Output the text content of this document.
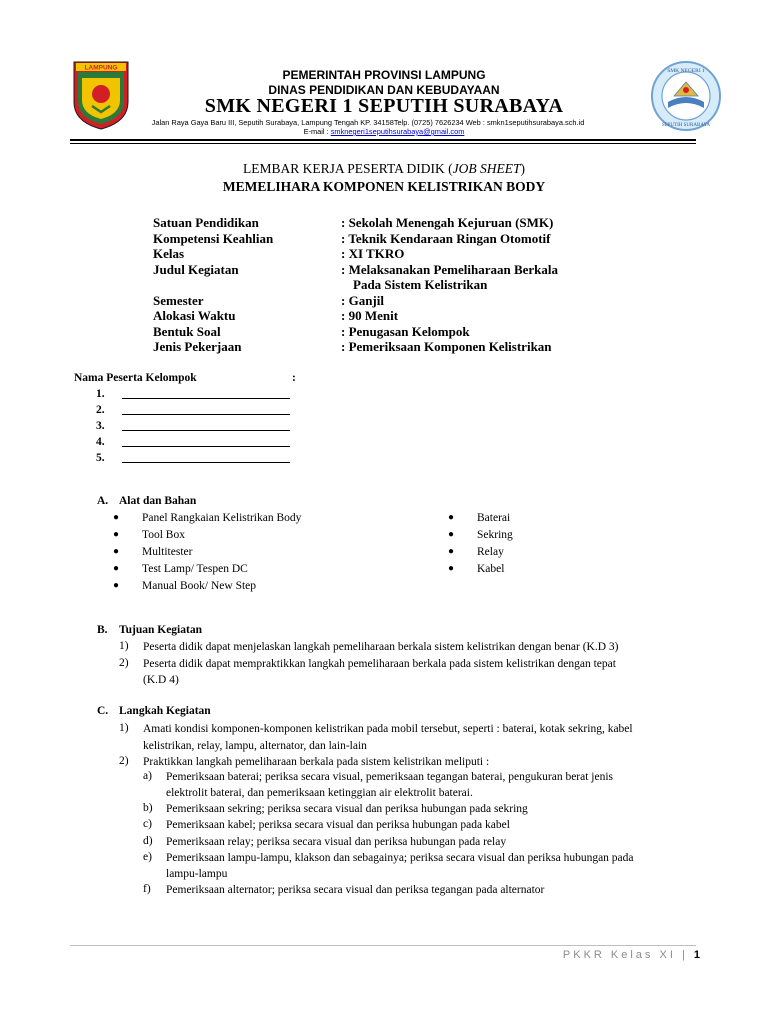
LAMPUNG	SMK NEGERI 1
SEPUTIH SURABAYA
PEMERINTAH PROVINSI LAMPUNG
DINAS PENDIDIKAN DAN KEBUDAYAAN
SMK NEGERI 1 SEPUTIH SURABAYA
Jalan Raya Gaya Baru III, Seputih Surabaya, Lampung Tengah KP. 34158Telp. (0725) 7626234 Web : smkn1seputihsurabaya.sch.id
E-mail : smknegeri1seputihsurabaya@gmail.com
LEMBAR KERJA PESERTA DIDIK (JOB SHEET)
MEMELIHARA KOMPONEN KELISTRIKAN BODY
Satuan Pendidikan	: Sekolah Menengah Kejuruan (SMK)
Kompetensi Keahlian	: Teknik Kendaraan Ringan Otomotif
Kelas	: XI TKRO
Judul Kegiatan	: Melaksanakan Pemeliharaan Berkala
Pada Sistem Kelistrikan
Semester	: Ganjil
Alokasi Waktu	: 90 Menit
Bentuk Soal	: Penugasan Kelompok
Jenis Pekerjaan	: Pemeriksaan Komponen Kelistrikan
Nama Peserta Kelompok	:
1.
2.
3.
4.
5.
A. Alat dan Bahan
● Panel Rangkaian Kelistrikan Body
● Tool Box
● Multitester
● Test Lamp/ Tespen DC
● Manual Book/ New Step
● Baterai
● Sekring
● Relay
● Kabel
B. Tujuan Kegiatan
1) Peserta didik dapat menjelaskan langkah pemeliharaan berkala sistem kelistrikan dengan benar (K.D 3)
2) Peserta didik dapat mempraktikkan langkah pemeliharaan berkala pada sistem kelistrikan dengan tepat
(K.D 4)
C. Langkah Kegiatan
1) Amati kondisi komponen-komponen kelistrikan pada mobil tersebut, seperti : baterai, kotak sekring, kabel
kelistrikan, relay, lampu, alternator, dan lain-lain
2) Praktikkan langkah pemeliharaan berkala pada sistem kelistrikan meliputi :
a) Pemeriksaan baterai; periksa secara visual, pemeriksaan tegangan baterai, pengukuran berat jenis
elektrolit baterai, dan pemeriksaan ketinggian air elektrolit baterai.
b) Pemeriksaan sekring; periksa secara visual dan periksa hubungan pada sekring
c) Pemeriksaan kabel; periksa secara visual dan periksa hubungan pada kabel
d) Pemeriksaan relay; periksa secara visual dan periksa hubungan pada relay
e) Pemeriksaan lampu-lampu, klakson dan sebagainya; periksa secara visual dan periksa hubungan pada
lampu-lampu
f) Pemeriksaan alternator; periksa secara visual dan periksa tegangan pada alternator
PKKR Kelas XI | 1
